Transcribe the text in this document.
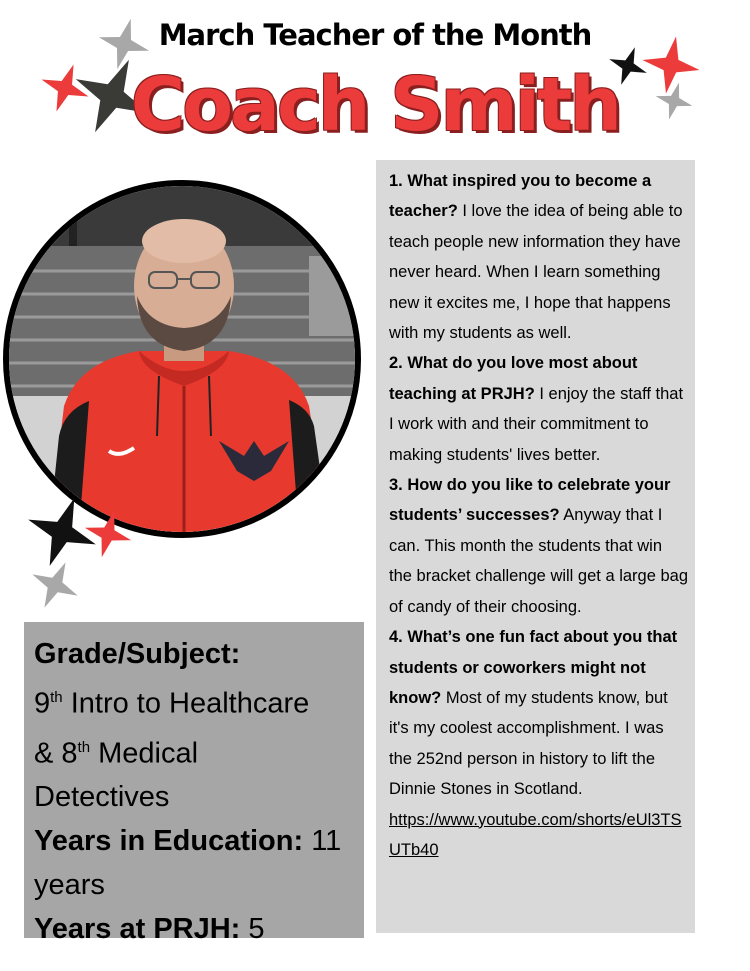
March Teacher of the Month
Coach Smith

Grade/Subject:

9th Intro to Healthcare

& 8th Medical

Detectives

Years in Education: 11

years

Years at PRJH: 5

1. What inspired you to become a teacher? I love the idea of being able to teach people new information they have never heard. When I learn something new it excites me, I hope that happens with my students as well.

2. What do you love most about teaching at PRJH? I enjoy the staff that I work with and their commitment to making students' lives better.

3. How do you like to celebrate your students’ successes? Anyway that I can. This month the students that win the bracket challenge will get a large bag of candy of their choosing.

4. What’s one fun fact about you that students or coworkers might not know? Most of my students know, but it's my coolest accomplishment. I was the 252nd person in history to lift the Dinnie Stones in Scotland.

https://www.youtube.com/shorts/eUl3TSUTb40
